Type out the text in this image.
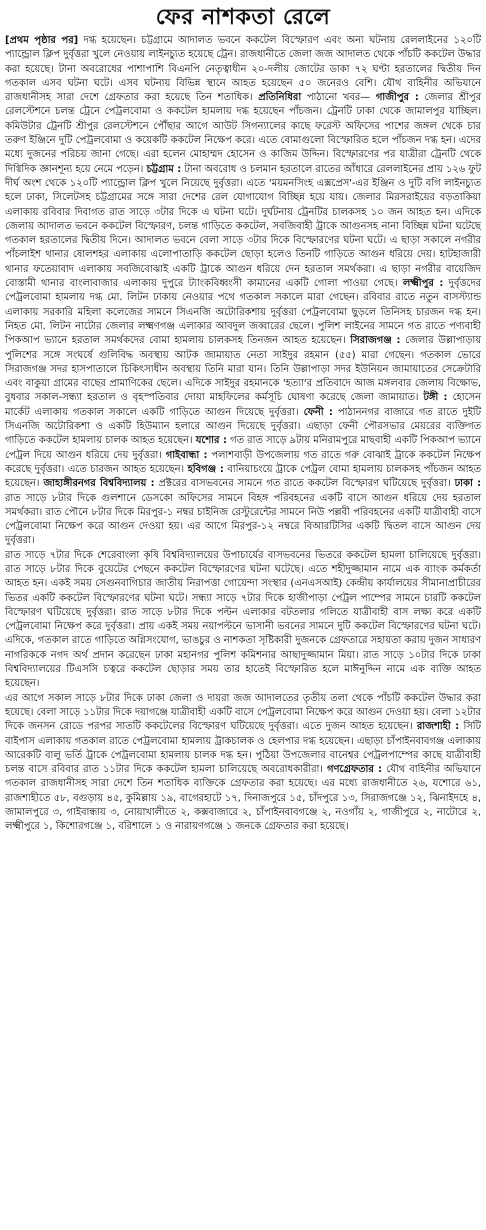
ফের নাশকতা রেলে

[প্রথম পৃষ্ঠার পর] দগ্ধ হয়েছেন। চট্টগ্রামে আদালত ভবনে ককটেল বিস্ফোরণ এবং অন্য ঘটনায় রেললাইনের ১২০টি প্যান্ড্রোল ক্লিপ দুর্বৃত্তরা খুলে নেওয়ায় লাইনচ্যুত হয়েছে ট্রেন। রাজধানীতে জেলা জজ আদালত থেকে পাঁচটি ককটেল উদ্ধার করা হয়েছে। টানা অবরোধের পাশাপাশি বিএনপি নেতৃত্বাধীন ২০-দলীয় জোটের ডাকা ৭২ ঘণ্টা হরতালের দ্বিতীয় দিন গতকাল এসব ঘটনা ঘটে। এসব ঘটনায় বিভিন্ন স্থানে আহত হয়েছেন ৫০ জনেরও বেশি। যৌথ বাহিনীর অভিযানে রাজধানীসহ সারা দেশে গ্রেফতার করা হয়েছে তিন শতাধিক। প্রতিনিধিরা পাঠানো খবর— গাজীপুর : জেলার শ্রীপুর রেলস্টেশনে চলন্ত ট্রেনে পেট্রলবোমা ও ককটেল হামলায় দগ্ধ হয়েছেন পাঁচজন। ট্রেনটি ঢাকা থেকে জামালপুর যাচ্ছিল। কমিউটার ট্রেনটি শ্রীপুর রেলস্টেশনে পৌঁছার আগে আউট সিগন্যালের কাছে ফরেস্ট অফিসের পাশের জঙ্গল থেকে চার তরুণ ইঞ্জিনে দুটি পেট্রলবোমা ও কয়েকটি ককটেল নিক্ষেপ করে। এতে বোমাগুলো বিস্ফোরিত হলে পাঁচজন দগ্ধ হন। এদের মধ্যে দুজনের পরিচয় জানা গেছে। এরা হলেন মোহাম্মদ হোসেন ও কাজিম উদ্দিন। বিস্ফোরণের পর যাত্রীরা ট্রেনটি থেকে দিগ্বিদিক জ্ঞানশূন্য হয়ে নেমে পড়েন। চট্টগ্রাম : টানা অবরোধ ও চলমান হরতালে রাতের আঁধারে রেললাইনের প্রায় ১২৬ ফুট দীর্ঘ অংশ থেকে ১২০টি প্যান্ড্রোল ক্লিপ খুলে নিয়েছে দুর্বৃত্তরা। এতে 'ময়মনসিংহ এক্সপ্রেস'-এর ইঞ্জিন ও দুটি বগি লাইনচ্যুত হলে ঢাকা, সিলেটসহ চট্টগ্রামের সঙ্গে সারা দেশের রেল যোগাযোগ বিচ্ছিন্ন হয়ে যায়। জেলার মিরসরাইয়ের বড়তাকিয়া এলাকায় রবিবার দিবাগত রাত সাড়ে ৩টার দিকে এ ঘটনা ঘটে। দুর্ঘটনায় ট্রেনটির চালকসহ ১০ জন আহত হন। এদিকে জেলায় আদালত ভবনে ককটেল বিস্ফোরণ, চলন্ত গাড়িতে ককটেল, সবজিবাহী ট্রাকে আগুনসহ নানা বিচ্ছিন্ন ঘটনা ঘটেছে গতকাল হরতালের দ্বিতীয় দিনে। আদালত ভবনে বেলা সাড়ে ৩টার দিকে বিস্ফোরণের ঘটনা ঘটে। এ ছাড়া সকালে নগরীর পাঁচলাইশ থানার ষোলশহর এলাকায় এলোপাতাড়ি ককটেল ছোড়া হলেও তিনটি গাড়িতে আগুন ধরিয়ে দেয়। হাটহাজারী থানার ফতেয়াবাদ এলাকায় সবজিবোঝাই একটি ট্রাকে আগুন ধরিয়ে দেন হরতাল সমর্থকরা। এ ছাড়া নগরীর বায়েজিদ বোস্তামী থানার বাংলাবাজার এলাকায় দুপুরে ট্যাংকবিধ্বংসী কামানের একটি গোলা পাওয়া গেছে। লক্ষ্মীপুর : দুর্বৃত্তদের পেট্রলবোমা হামলায় দগ্ধ মো. লিটন ঢাকায় নেওয়ার পথে গতকাল সকালে মারা গেছেন। রবিবার রাতে নতুন বাসস্ট্যান্ড এলাকায় সরকারি মহিলা কলেজের সামনে সিএনজি অটোরিকশায় দুর্বৃত্তরা পেট্রলবোমা ছুড়লে তিনিসহ চারজন দগ্ধ হন। নিহত মো. লিটন নাটোর জেলার লক্ষ্মণগঞ্জ এলাকার আবদুল জব্বারের ছেলে। পুলিশ লাইনের সামনে গত রাতে পণ্যবাহী পিকআপ ভ্যানে হরতাল সমর্থকদের বোমা হামলায় চালকসহ তিনজন আহত হয়েছেন। সিরাজগঞ্জ : জেলার উল্লাপাড়ায় পুলিশের সঙ্গে সংঘর্ষে গুলিবিদ্ধ অবস্থায় আটক জামায়াত নেতা সাইদুর রহমান (৫৫) মারা গেছেন। গতকাল ভোরে সিরাজগঞ্জ সদর হাসপাতালে চিকিৎসাধীন অবস্থায় তিনি মারা যান। তিনি উল্লাপাড়া সদর ইউনিয়ন জামায়াতের সেক্রেটারি এবং বাকুয়া গ্রামের বাছের প্রামাণিকের ছেলে। এদিকে সাইদুর রহমানকে 'হত্যা'র প্রতিবাদে আজ মঙ্গলবার জেলায় বিক্ষোভ, বুধবার সকাল-সন্ধ্যা হরতাল ও বৃহস্পতিবার দোয়া মাহফিলের কর্মসূচি ঘোষণা করেছে জেলা জামায়াত। টঙ্গী : হোসেন মার্কেট এলাকায় গতকাল সকালে একটি গাড়িতে আগুন দিয়েছে দুর্বৃত্তরা। ফেনী : পাঠাননগর বাজারে গত রাতে দুইটি সিএনজি অটোরিকশা ও একটি হিউম্যান হলারে আগুন দিয়েছে দুর্বৃত্তরা। এছাড়া ফেনী পৌরসভার মেয়রের ব্যক্তিগত গাড়িতে ককটেল হামলায় চালক আহত হয়েছেন। যশোর : গত রাত সাড়ে ৯টায় মনিরামপুরে মাছবাহী একটি পিকআপ ভ্যানে পেট্রল দিয়ে আগুন ধরিয়ে দেয় দুর্বৃত্তরা। গাইবান্ধা : পলাশবাড়ী উপজেলায় গত রাতে গরু বোঝাই ট্রাকে ককটেল নিক্ষেপ করেছে দুর্বৃত্তরা। এতে চারজন আহত হয়েছেন। হবিগঞ্জ : বানিয়াচংয়ে ট্রাকে পেট্রল বোমা হামলায় চালকসহ পাঁচজন আহত হয়েছেন। জাহাঙ্গীরনগর বিশ্ববিদ্যালয় : প্রক্টরের বাসভবনের সামনে গত রাতে ককটেল বিস্ফোরণ ঘটিয়েছে দুর্বৃত্তরা। ঢাকা : রাত সাড়ে ৮টার দিকে গুলশানে ডেসকো অফিসের সামনে বিহঙ্গ পরিবহনের একটি বাসে আগুন ধরিয়ে দেয় হরতাল সমর্থকরা। রাত পৌনে ৮টার দিকে মিরপুর-১ নম্বর চাইনিজ রেস্টুরেন্টের সামনে নিউ পল্লবী পরিবহনের একটি যাত্রীবাহী বাসে পেট্রলবোমা নিক্ষেপ করে আগুন দেওয়া হয়। এর আগে মিরপুর-১২ নম্বরে বিআরটিসির একটি দ্বিতল বাসে আগুন দেয় দুর্বৃত্তরা।

রাত সাড়ে ৭টার দিকে শেরেবাংলা কৃষি বিশ্ববিদ্যালয়ের উপাচার্যের বাসভবনের ভিতরে ককটেল হামলা চালিয়েছে দুর্বৃত্তরা। রাত সাড়ে ৮টার দিকে বুয়েটের পেছনে ককটেল বিস্ফোরণের ঘটনা ঘটেছে। এতে শহীদুজ্জামান নামে এক ব্যাংক কর্মকর্তা আহত হন। একই সময় সেগুনবাগিচার জাতীয় নিরাপত্তা গোয়েন্দা সংস্থার (এনএসআই) কেন্দ্রীয় কার্যালয়ের সীমানাপ্রাচীরের ভিতর একটি ককটেল বিস্ফোরণের ঘটনা ঘটে। সন্ধ্যা সাড়ে ৭টার দিকে হাজীপাড়া পেট্রল পাম্পের সামনে চারটি ককটেল বিস্ফোরণ ঘটিয়েছে দুর্বৃত্তরা। রাত সাড়ে ৮টার দিকে পল্টন এলাকার বটতলার গলিতে যাত্রীবাহী বাস লক্ষ্য করে একটি পেট্রলবোমা নিক্ষেপ করে দুর্বৃত্তরা। প্রায় একই সময় নয়াপল্টনে ভাসানী ভবনের সামনে দুটি ককটেল বিস্ফোরণের ঘটনা ঘটে। এদিকে, গতকাল রাতে গাড়িতে অগ্নিসংযোগ, ভাঙচুর ও নাশকতা সৃষ্টিকারী দুজনকে গ্রেফতারে সহায়তা করায় দুজন সাধারণ নাগরিককে নগদ অর্থ প্রদান করেছেন ঢাকা মহানগর পুলিশ কমিশনার আছাদুজ্জামান মিয়া। রাত সাড়ে ১০টার দিকে ঢাকা বিশ্ববিদ্যালয়ের টিএসসি চত্বরে ককটেল ছোড়ার সময় তার হাতেই বিস্ফোরিত হলে মাঈনুদ্দিন নামে এক ব্যক্তি আহত হয়েছেন।

এর আগে সকাল সাড়ে ৮টার দিকে ঢাকা জেলা ও দায়রা জজ আদালতের তৃতীয় তলা থেকে পাঁচটি ককটেল উদ্ধার করা হয়েছে। বেলা সাড়ে ১১টার দিকে দয়াগঞ্জে যাত্রীবাহী একটি বাসে পেট্রলবোমা নিক্ষেপ করে আগুন দেওয়া হয়। বেলা ১২টার দিকে জনসন রোডে পরপর সাতটি ককটেলের বিস্ফোরণ ঘটিয়েছে দুর্বৃত্তরা। এতে দুজন আহত হয়েছেন। রাজশাহী : সিটি বাইপাস এলাকায় গতকাল রাতে পেট্রলবোমা হামলায় ট্রাকচালক ও হেলপার দগ্ধ হয়েছেন। এছাড়া চাঁপাইনবাবগঞ্জ এলাকায় আরেকটি বালু ভর্তি ট্রাকে পেট্রলবোমা হামলায় চালক দগ্ধ হন। পুঠিয়া উপজেলার বানেশ্বর পেট্রলপাম্পের কাছে যাত্রীবাহী চলন্ত বাসে রবিবার রাত ১১টার দিকে ককটেল হামলা চালিয়েছে অবরোধকারীরা। গণগ্রেফতার : যৌথ বাহিনীর অভিযানে গতকাল রাজধানীসহ সারা দেশে তিন শতাধিক ব্যক্তিকে গ্রেফতার করা হয়েছে। এর মধ্যে রাজধানীতে ২৬, যশোরে ৬১, রাজশাহীতে ৫৮, বগুড়ায় ৪৫, কুমিল্লায় ১৯, বাগেরহাটে ১৭, দিনাজপুরে ১৫, চাঁদপুরে ১৩, সিরাজগঞ্জে ১২, ঝিনাইদহে ৪, জামালপুরে ৩, গাইবান্ধায় ৩, নোয়াখালীতে ২, কক্সবাজারে ২, চাঁপাইনবাবগঞ্জে ২, নওগাঁয় ২, গাজীপুরে ২, নাটোরে ২, লক্ষ্মীপুরে ১, কিশোরগঞ্জে ১, বরিশালে ১ ও নারায়ণগঞ্জে ১ জনকে গ্রেফতার করা হয়েছে।
